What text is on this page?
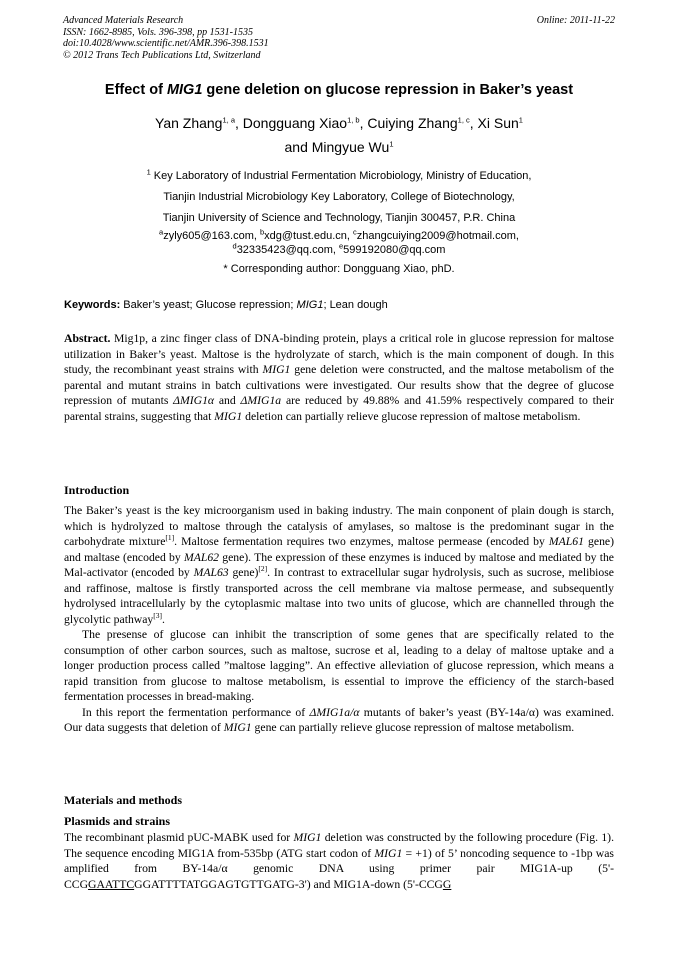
Advanced Materials Research
ISSN: 1662-8985, Vols. 396-398, pp 1531-1535
doi:10.4028/www.scientific.net/AMR.396-398.1531
© 2012 Trans Tech Publications Ltd, Switzerland
Online: 2011-11-22
Effect of MIG1 gene deletion on glucose repression in Baker’s yeast
Yan Zhang$^{1, a}$, Dongguang Xiao$^{1, b}$, Cuiying Zhang$^{1, c}$, Xi Sun$^1$
and Mingyue Wu$^1$
$^1$ Key Laboratory of Industrial Fermentation Microbiology, Ministry of Education,
Tianjin Industrial Microbiology Key Laboratory, College of Biotechnology,
Tianjin University of Science and Technology, Tianjin 300457, P.R. China
$^a$zyly605@163.com, $^b$xdg@tust.edu.cn, $^c$zhangcuiying2009@hotmail.com,
$^d$32335423@qq.com, $^e$599192080@qq.com
* Corresponding author: Dongguang Xiao, phD.
Keywords: Baker’s yeast; Glucose repression; MIG1; Lean dough
Abstract. Mig1p, a zinc finger class of DNA-binding protein, plays a critical role in glucose repression for maltose utilization in Baker’s yeast. Maltose is the hydrolyzate of starch, which is the main component of dough. In this study, the recombinant yeast strains with MIG1 gene deletion were constructed, and the maltose metabolism of the parental and mutant strains in batch cultivations were investigated. Our results show that the degree of glucose repression of mutants ΔMIG1α and ΔMIG1a are reduced by 49.88% and 41.59% respectively compared to their parental strains, suggesting that MIG1 deletion can partially relieve glucose repression of maltose metabolism.
Introduction

The Baker’s yeast is the key microorganism used in baking industry. The main conponent of plain dough is starch, which is hydrolyzed to maltose through the catalysis of amylases, so maltose is the predominant sugar in the carbohydrate mixture[1]. Maltose fermentation requires two enzymes, maltose permease (encoded by MAL61 gene) and maltase (encoded by MAL62 gene). The expression of these enzymes is induced by maltose and mediated by the Mal-activator (encoded by MAL63 gene)[2]. In contrast to extracellular sugar hydrolysis, such as sucrose, melibiose and raffinose, maltose is firstly transported across the cell membrane via maltose permease, and subsequently hydrolysed intracellularly by the cytoplasmic maltase into two units of glucose, which are channelled through the glycolytic pathway[3].

The presense of glucose can inhibit the transcription of some genes that are specifically related to the consumption of other carbon sources, such as maltose, sucrose et al, leading to a delay of maltose uptake and a longer production process called ”maltose lagging”. An effective alleviation of glucose repression, which means a rapid transition from glucose to maltose metabolism, is essential to improve the efficiency of the starch-based fermentation processes in bread-making.

In this report the fermentation performance of ΔMIG1a/α mutants of baker’s yeast (BY-14a/α) was examined. Our data suggests that deletion of MIG1 gene can partially relieve glucose repression of maltose metabolism.

Materials and methods
Plasmids and strains
The recombinant plasmid pUC-MABK used for MIG1 deletion was constructed by the following procedure (Fig. 1). The sequence encoding MIG1A from-535bp (ATG start codon of MIG1 = +1) of 5’ noncoding sequence to -1bp was amplified from BY-14a/α genomic DNA using primer pair MIG1A-up (5'-CCGGAATTCGGATTTTATGGAGTGTTGATG-3') and MIG1A-down (5'-CCGG
